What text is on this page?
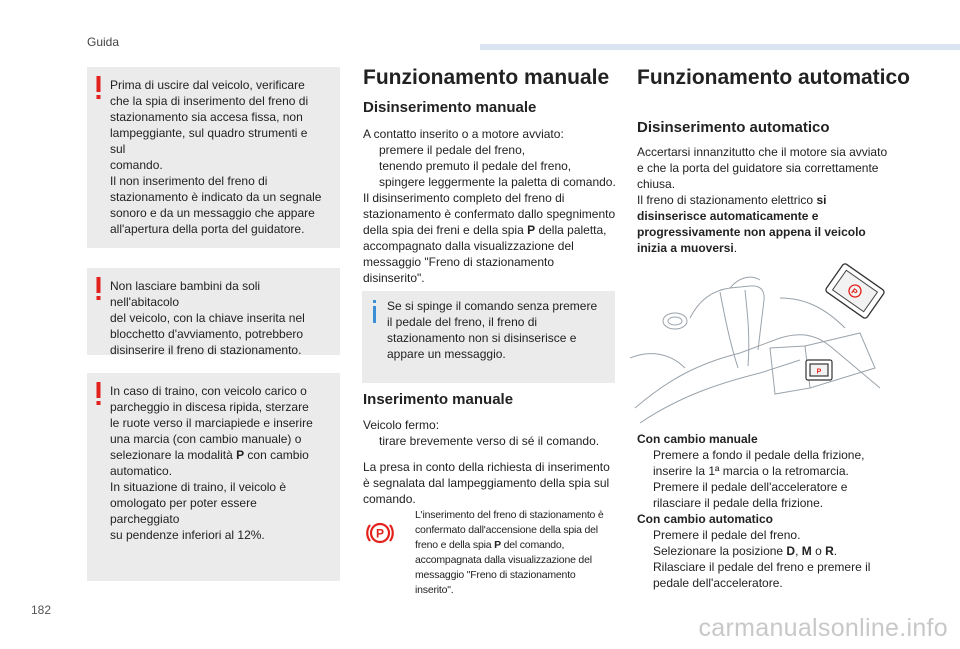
Guida

Prima di uscire dal veicolo, verificare
che la spia di inserimento del freno di
stazionamento sia accesa fissa, non
lampeggiante, sul quadro strumenti e sul
comando.
Il non inserimento del freno di
stazionamento è indicato da un segnale
sonoro e da un messaggio che appare
all'apertura della porta del guidatore.

Non lasciare bambini da soli nell'abitacolo
del veicolo, con la chiave inserita nel
blocchetto d'avviamento, potrebbero
disinserire il freno di stazionamento.

In caso di traino, con veicolo carico o
parcheggio in discesa ripida, sterzare
le ruote verso il marciapiede e inserire
una marcia (con cambio manuale) o
selezionare la modalità P con cambio
automatico.
In situazione di traino, il veicolo è
omologato per poter essere parcheggiato
su pendenze inferiori al 12%.

Funzionamento manuale
Disinserimento manuale
A contatto inserito o a motore avviato:
premere il pedale del freno,
tenendo premuto il pedale del freno, spingere leggermente la paletta di comando.
Il disinserimento completo del freno di stazionamento è confermato dallo spegnimento della spia dei freni e della spia P della paletta, accompagnato dalla visualizzazione del messaggio "Freno di stazionamento disinserito".
Se si spinge il comando senza premere il pedale del freno, il freno di stazionamento non si disinserisce e appare un messaggio.
Inserimento manuale
Veicolo fermo:
tirare brevemente verso di sé il comando.
La presa in conto della richiesta di inserimento è segnalata dal lampeggiamento della spia sul comando.
P
L'inserimento del freno di stazionamento è confermato dall'accensione della spia del freno e della spia P del comando, accompagnata dalla visualizzazione del messaggio "Freno di stazionamento inserito".
Funzionamento automatico
Disinserimento automatico
Accertarsi innanzitutto che il motore sia avviato e che la porta del guidatore sia correttamente chiusa.
Il freno di stazionamento elettrico si disinserisce automaticamente e progressivamente non appena il veicolo inizia a muoversi.
P
P
Con cambio manuale
Premere a fondo il pedale della frizione, inserire la 1ª marcia o la retromarcia.
Premere il pedale dell'acceleratore e rilasciare il pedale della frizione.
Con cambio automatico
Premere il pedale del freno.
Selezionare la posizione D, M o R.
Rilasciare il pedale del freno e premere il pedale dell'acceleratore.
182
carmanualsonline.info
